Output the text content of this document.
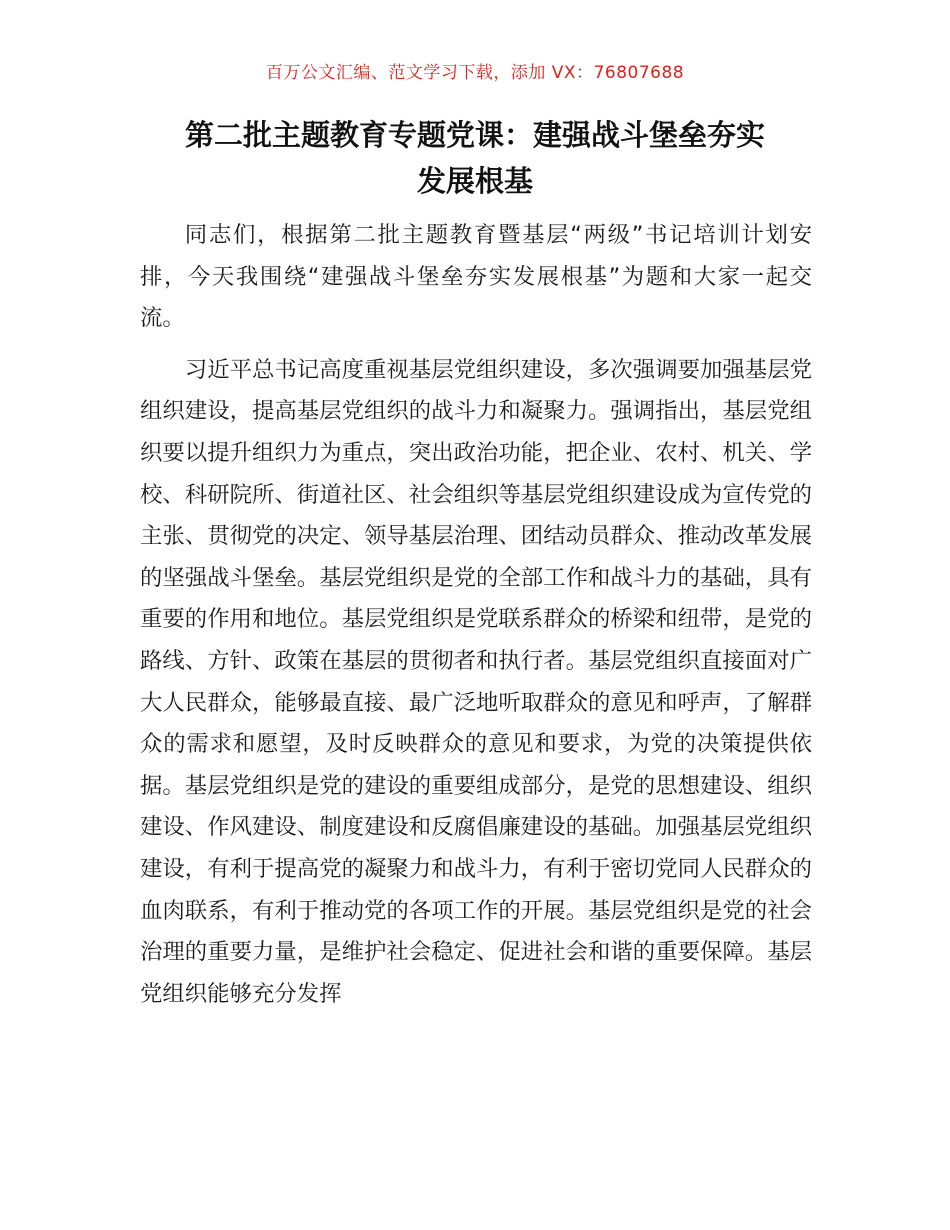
百万公文汇编、范文学习下载，添加 VX：76807688
第二批主题教育专题党课：建强战斗堡垒夯实
发展根基

同志们，根据第二批主题教育暨基层“两级”书记培训计划安排，今天我围绕“建强战斗堡垒夯实发展根基”为题和大家一起交流。

习近平总书记高度重视基层党组织建设，多次强调要加强基层党组织建设，提高基层党组织的战斗力和凝聚力。强调指出，基层党组织要以提升组织力为重点，突出政治功能，把企业、农村、机关、学校、科研院所、街道社区、社会组织等基层党组织建设成为宣传党的主张、贯彻党的决定、领导基层治理、团结动员群众、推动改革发展的坚强战斗堡垒。基层党组织是党的全部工作和战斗力的基础，具有重要的作用和地位。基层党组织是党联系群众的桥梁和纽带，是党的路线、方针、政策在基层的贯彻者和执行者。基层党组织直接面对广大人民群众，能够最直接、最广泛地听取群众的意见和呼声，了解群众的需求和愿望，及时反映群众的意见和要求，为党的决策提供依据。基层党组织是党的建设的重要组成部分，是党的思想建设、组织建设、作风建设、制度建设和反腐倡廉建设的基础。加强基层党组织建设，有利于提高党的凝聚力和战斗力，有利于密切党同人民群众的血肉联系，有利于推动党的各项工作的开展。基层党组织是党的社会治理的重要力量，是维护社会稳定、促进社会和谐的重要保障。基层党组织能够充分发挥
